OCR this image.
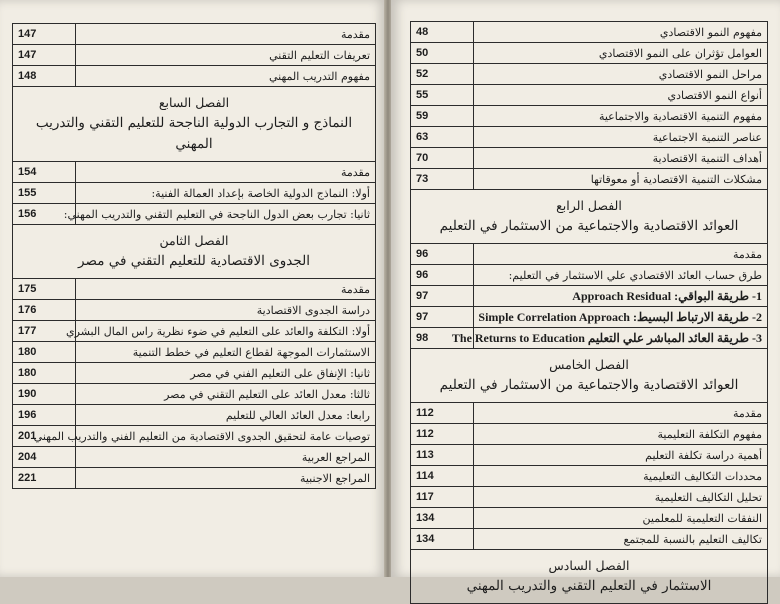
147	مقدمة
147	تعريفات التعليم التقني
148	مفهوم التدريب المهني

الفصل السابع
النماذج و التجارب الدولية الناجحة للتعليم التقني والتدريب المهني	

154	مقدمة
155	أولا: النماذج الدولية الخاصة بإعداد العمالة الفنية:
156	ثانيا: تجارب بعض الدول الناجحة في التعليم التقني والتدريب المهني:

الفصل الثامن
الجدوى الاقتصادية للتعليم التقني في مصر	

175	مقدمة
176	دراسة الجدوى الاقتصادية
177	أولا: التكلفة والعائد على التعليم في ضوء نظرية راس المال البشري
180	الاستثمارات الموجهة لقطاع التعليم في خطط التنمية
180	ثانيا: الإنفاق على التعليم الفني في مصر
190	ثالثا: معدل العائد على التعليم التقني في مصر
196	رابعا: معدل العائد العالي للتعليم
201	توصيات عامة لتحقيق الجدوى الاقتصادية من التعليم الفني والتدريب المهني
204	المراجع العربية
221	المراجع الاجنبية
48	مفهوم النمو الاقتصادي
50	العوامل تؤثران على النمو الاقتصادي
52	مراحل النمو الاقتصادي
55	أنواع النمو الاقتصادي
59	مفهوم التنمية الاقتصادية والاجتماعية
63	عناصر التنمية الاجتماعية
70	أهداف التنمية الاقتصادية
73	مشكلات التنمية الاقتصادية أو معوقاتها

الفصل الرابع
العوائد الاقتصادية والاجتماعية من الاستثمار في التعليم	

96	مقدمة
96	طرق حساب العائد الاقتصادي علي الاستثمار في التعليم:
97	1- طريقة البواقي: Approach Residual
97	2- طريقة الارتباط البسيط: Simple Correlation Approach
98	3- طريقة العائد المباشر علي التعليم The Returns to Education

الفصل الخامس
العوائد الاقتصادية والاجتماعية من الاستثمار في التعليم	

112	مقدمة
112	مفهوم التكلفة التعليمية
113	أهمية دراسة تكلفة التعليم
114	محددات التكاليف التعليمية
117	تحليل التكاليف التعليمية
134	النفقات التعليمية للمعلمين
134	تكاليف التعليم بالنسبة للمجتمع

الفصل السادس
الاستثمار في التعليم التقني والتدريب المهني	
